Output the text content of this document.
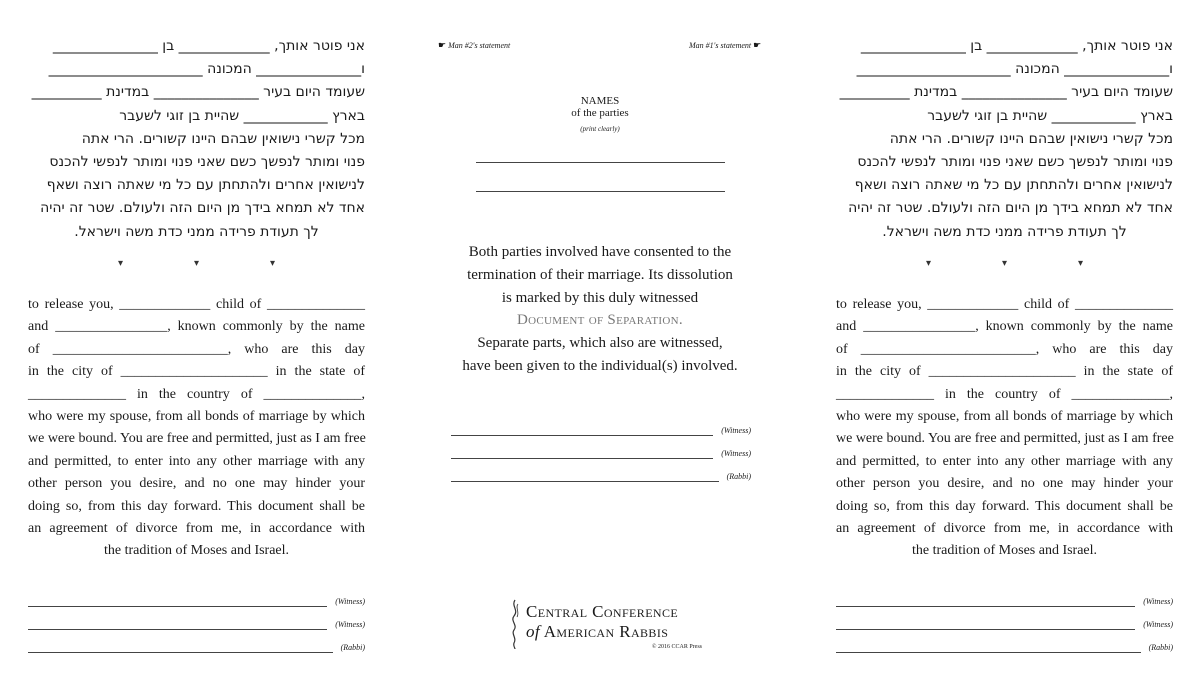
אני פוטר אותך, _____________ בן _______________
ו_______________ המכונה ______________________
שעומד היום בעיר _______________ במדינת __________
בארץ ____________ שהיית בן זוגי לשעבר
מכל קשרי נישואין שבהם היינו קשורים. הרי אתה
פנוי ומותר לנפשך כשם שאני פנוי ומותר לנפשי להכנס
לנישואין אחרים ולהתחתן עם כל מי שאתה רוצה ושאף
אחד לא תמחא בידך מן היום הזה ולעולם. שטר זה יהיה
לך תעודת פרידה ממני כדת משה וישראל.
▾	▾	▾
to release you, _____________ child of ______________
and ________________, known commonly by the name
of _________________________, who are this day
in the city of _____________________ in the state of
______________ in the country of ______________,
who were my spouse, from all bonds of marriage by which
we were bound. You are free and permitted, just as I am free
and permitted, to enter into any other marriage with any
other person you desire, and no one may hinder your
doing so, from this day forward. This document shall be
an agreement of divorce from me, in accordance with
the tradition of Moses and Israel.
(Witness)
(Witness)
(Rabbi)
☛ Man #2's statement	Man #1's statement ☛
NAMES
of the parties
(print clearly)
Both parties involved have consented to the
termination of their marriage. Its dissolution
is marked by this duly witnessed
Document of Separation.
Separate parts, which also are witnessed,
have been given to the individual(s) involved.
(Witness)
(Witness)
(Rabbi)
Central Conference
of American Rabbis
© 2016 CCAR Press
אני פוטר אותך, _____________ בן _______________
ו_______________ המכונה ______________________
שעומד היום בעיר _______________ במדינת __________
בארץ ____________ שהיית בן זוגי לשעבר
מכל קשרי נישואין שבהם היינו קשורים. הרי אתה
פנוי ומותר לנפשך כשם שאני פנוי ומותר לנפשי להכנס
לנישואין אחרים ולהתחתן עם כל מי שאתה רוצה ושאף
אחד לא תמחא בידך מן היום הזה ולעולם. שטר זה יהיה
לך תעודת פרידה ממני כדת משה וישראל.
▾	▾	▾
to release you, _____________ child of ______________
and ________________, known commonly by the name
of _________________________, who are this day
in the city of _____________________ in the state of
______________ in the country of ______________,
who were my spouse, from all bonds of marriage by which
we were bound. You are free and permitted, just as I am free
and permitted, to enter into any other marriage with any
other person you desire, and no one may hinder your
doing so, from this day forward. This document shall be
an agreement of divorce from me, in accordance with
the tradition of Moses and Israel.
(Witness)
(Witness)
(Rabbi)
